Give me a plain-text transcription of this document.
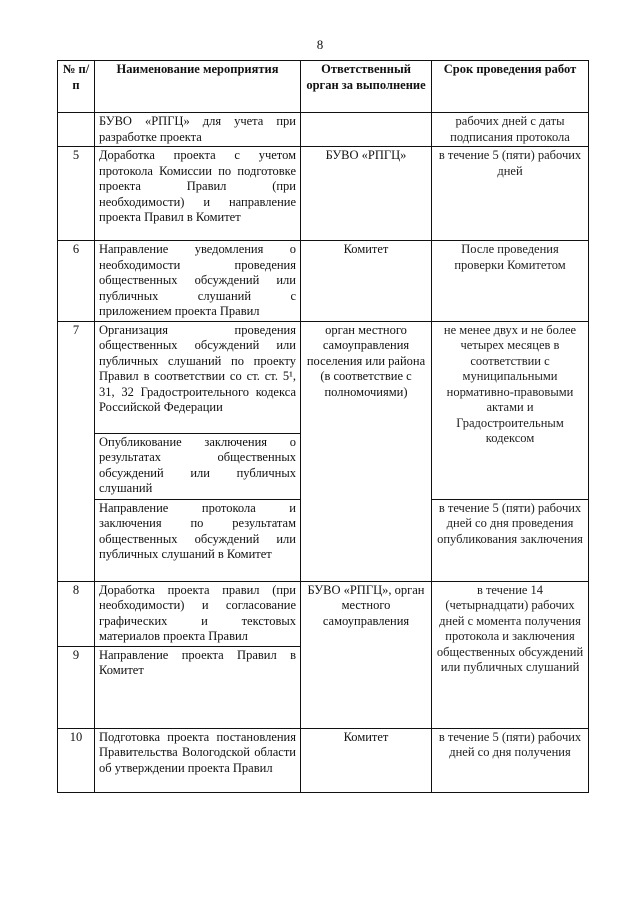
8
№ п/п	Наименование мероприятия	Ответственный орган за выполнение	Срок проведения работ
	БУВО «РПГЦ» для учета при разработке проекта		рабочих дней с даты подписания протокола
5	Доработка проекта с учетом протокола Комиссии по подготовке проекта Правил (при необходимости) и направление проекта Правил в Комитет	БУВО «РПГЦ»	в течение 5 (пяти) рабочих дней
6	Направление уведомления о необходимости проведения общественных обсуждений или публичных слушаний с приложением проекта Правил	Комитет	После проведения проверки Комитетом
7	Организация проведения общественных обсуждений или публичных слушаний по проекту Правил в соответствии со ст. ст. 5¹, 31, 32 Градостроительного кодекса Российской Федерации	орган местного самоуправления поселения или района (в соответствие с полномочиями)	не менее двух и не более четырех месяцев в соответствии с муниципальными нормативно-правовыми актами и Градостроительным кодексом
	Опубликование заключения о результатах общественных обсуждений или публичных слушаний		
	Направление протокола и заключения по результатам общественных обсуждений или публичных слушаний в Комитет		в течение 5 (пяти) рабочих дней со дня проведения опубликования заключения
8	Доработка проекта правил (при необходимости) и согласование графических и текстовых материалов проекта Правил	БУВО «РПГЦ», орган местного самоуправления	в течение 14 (четырнадцати) рабочих дней с момента получения протокола и заключения общественных обсуждений или публичных слушаний
9	Направление проекта Правил в Комитет		
10	Подготовка проекта постановления Правительства Вологодской области об утверждении проекта Правил	Комитет	в течение 5 (пяти) рабочих дней со дня получения
